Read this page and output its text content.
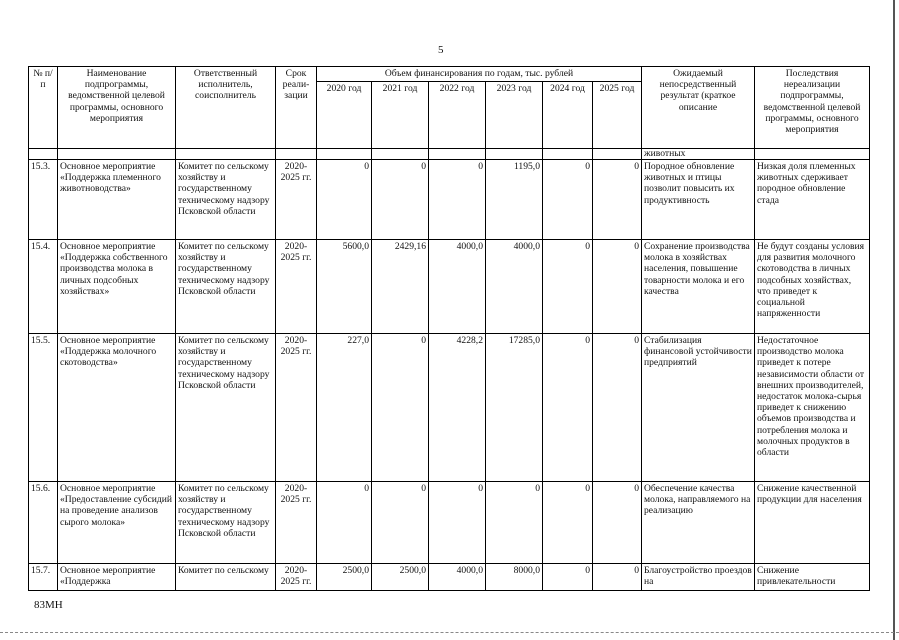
5
№ п/п	Наименование подпрограммы, ведомственной целевой программы, основного мероприятия	Ответственный исполнитель, соисполнитель	Срок реали-зации	Объем финансирования по годам, тыс. рублей						Ожидаемый непосредственный результат (краткое описание	Последствия нереализации подпрограммы, ведомственной целевой программы, основного мероприятия
				2020 год	2021 год	2022 год	2023 год	2024 год	2025 год		

										животных	

15.3.	Основное мероприятие «Поддержка племенного животноводства»	Комитет по сельскому хозяйству и государственному техническому надзору Псковской области	2020-2025 гг.	0	0	0	1195,0	0	0	Породное обновление животных и птицы позволит повысить их продуктивность	Низкая доля племенных животных сдерживает породное обновление стада
15.4.	Основное мероприятие «Поддержка собственного производства молока в личных подсобных хозяйствах»	Комитет по сельскому хозяйству и государственному техническому надзору Псковской области	2020-2025 гг.	5600,0	2429,16	4000,0	4000,0	0	0	Сохранение производства молока в хозяйствах населения, повышение товарности молока и его качества	Не будут созданы условия для развития молочного скотоводства в личных подсобных хозяйствах, что приведет к социальной напряженности
15.5.	Основное мероприятие «Поддержка молочного скотоводства»	Комитет по сельскому хозяйству и государственному техническому надзору Псковской области	2020-2025 гг.	227,0	0	4228,2	17285,0	0	0	Стабилизация финансовой устойчивости предприятий	Недостаточное производство молока приведет к потере независимости области от внешних производителей, недостаток молока-сырья приведет к снижению объемов производства и потребления молока и молочных продуктов в области
15.6.	Основное мероприятие «Предоставление субсидий на проведение анализов сырого молока»	Комитет по сельскому хозяйству и государственному техническому надзору Псковской области	2020-2025 гг.	0	0	0	0	0	0	Обеспечение качества молока, направляемого на реализацию	Снижение качественной продукции для населения
15.7.	Основное мероприятие «Поддержка	Комитет по сельскому	2020-2025 гг.	2500,0	2500,0	4000,0	8000,0	0	0	Благоустройство проездов на	Снижение привлекательности
83МН
